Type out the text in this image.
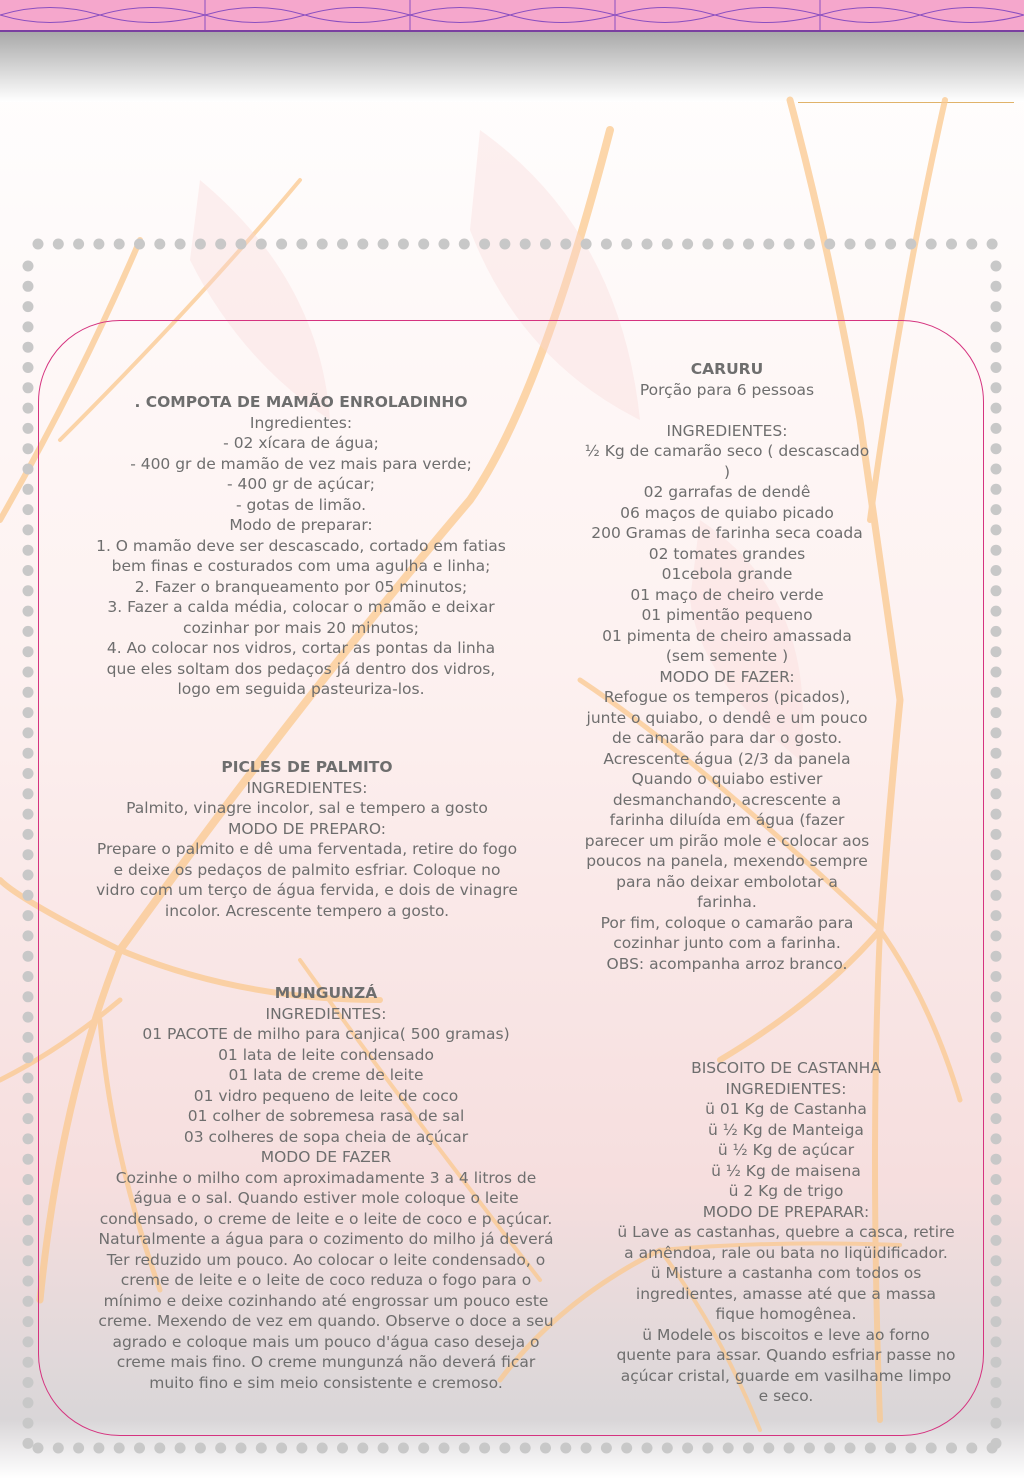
. COMPOTA DE MAMÃO ENROLADINHO
Ingredientes:
- 02 xícara de água;
- 400 gr de mamão de vez mais para verde;
- 400 gr de açúcar;
- gotas de limão.
Modo de preparar:
1. O mamão deve ser descascado, cortado em fatias bem finas e costurados com uma agulha e linha;
2. Fazer o branqueamento por 05 minutos;
3. Fazer a calda média, colocar o mamão e deixar cozinhar por mais 20 minutos;
4. Ao colocar nos vidros, cortar as pontas da linha que eles soltam dos pedaços já dentro dos vidros, logo em seguida pasteuriza-los.
PICLES DE PALMITO
INGREDIENTES:
Palmito, vinagre incolor, sal e tempero a gosto
MODO DE PREPARO:
Prepare o palmito e dê uma ferventada, retire do fogo e deixe os pedaços de palmito esfriar. Coloque no vidro com um terço de água fervida, e dois de vinagre incolor. Acrescente tempero a gosto.
MUNGUNZÁ
INGREDIENTES:
01 PACOTE de milho para canjica( 500 gramas)
01 lata de leite condensado
01 lata de creme de leite
01 vidro pequeno de leite de coco
01 colher de sobremesa rasa de sal
03 colheres de sopa cheia de açúcar
MODO DE FAZER
Cozinhe o milho com aproximadamente 3 a 4 litros de água e o sal. Quando estiver mole coloque o leite condensado, o creme de leite e o leite de coco e p açúcar. Naturalmente a água para o cozimento do milho já deverá Ter reduzido um pouco. Ao colocar o leite condensado, o creme de leite e o leite de coco reduza o fogo para o mínimo e deixe cozinhando até engrossar um pouco este creme. Mexendo de vez em quando. Observe o doce a seu agrado e coloque mais um pouco d'água caso deseja o creme mais fino. O creme mungunzá não deverá ficar muito fino e sim meio consistente e cremoso.
CARURU
Porção para 6 pessoas

INGREDIENTES:
½ Kg de camarão seco ( descascado )
02 garrafas de dendê
06 maços de quiabo picado
200 Gramas de farinha seca coada
02 tomates grandes
01cebola grande
01 maço de cheiro verde
01 pimentão pequeno
01 pimenta de cheiro amassada (sem semente )
MODO DE FAZER:
Refogue os temperos (picados), junte o quiabo, o dendê e um pouco de camarão para dar o gosto.
Acrescente água (2/3 da panela
Quando o quiabo estiver desmanchando, acrescente a farinha diluída em água (fazer parecer um pirão mole e colocar aos poucos na panela, mexendo sempre para não deixar embolotar a farinha.
Por fim, coloque o camarão para cozinhar junto com a farinha.
OBS: acompanha arroz branco.
BISCOITO DE CASTANHA
INGREDIENTES:
ü 01 Kg de Castanha
ü ½ Kg de Manteiga
ü ½ Kg de açúcar
ü ½ Kg de maisena
ü 2 Kg de trigo
MODO DE PREPARAR:
ü Lave as castanhas, quebre a casca, retire a amêndoa, rale ou bata no liqüidificador.
ü Misture a castanha com todos os ingredientes, amasse até que a massa fique homogênea.
ü Modele os biscoitos e leve ao forno quente para assar. Quando esfriar passe no açúcar cristal, guarde em vasilhame limpo e seco.
